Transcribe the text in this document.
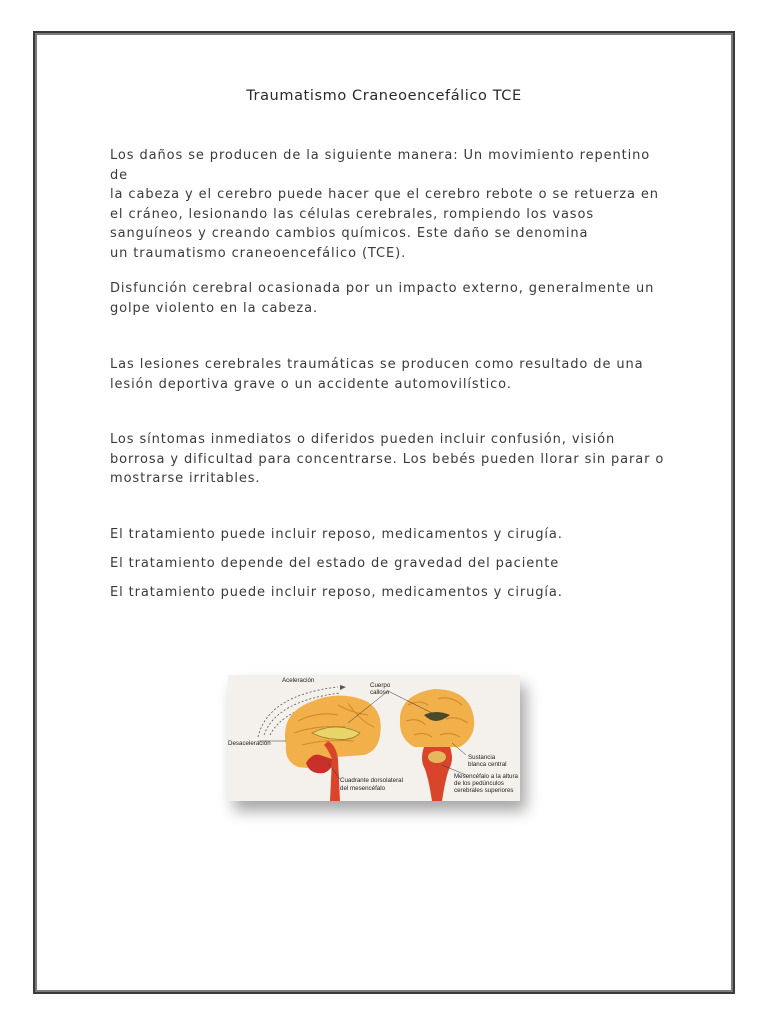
Traumatismo Craneoencefálico TCE

Los daños se producen de la siguiente manera: Un movimiento repentino de
la cabeza y el cerebro puede hacer que el cerebro rebote o se retuerza en
el cráneo, lesionando las células cerebrales, rompiendo los vasos
sanguíneos y creando cambios químicos. Este daño se denomina
un traumatismo craneoencefálico (TCE).

Disfunción cerebral ocasionada por un impacto externo, generalmente un
golpe violento en la cabeza.

Las lesiones cerebrales traumáticas se producen como resultado de una
lesión deportiva grave o un accidente automovilístico.

Los síntomas inmediatos o diferidos pueden incluir confusión, visión
borrosa y dificultad para concentrarse. Los bebés pueden llorar sin parar o
mostrarse irritables.

El tratamiento puede incluir reposo, medicamentos y cirugía.

El tratamiento depende del estado de gravedad del paciente

El tratamiento puede incluir reposo, medicamentos y cirugía.

Aceleración
Desaceleración
Cuerpo
calloso
Cuadrante dorsolateral
del mesencéfalo
Sustancia
blanca central
Mesencéfalo a la altura
de los pedúnculos
cerebrales superiores
